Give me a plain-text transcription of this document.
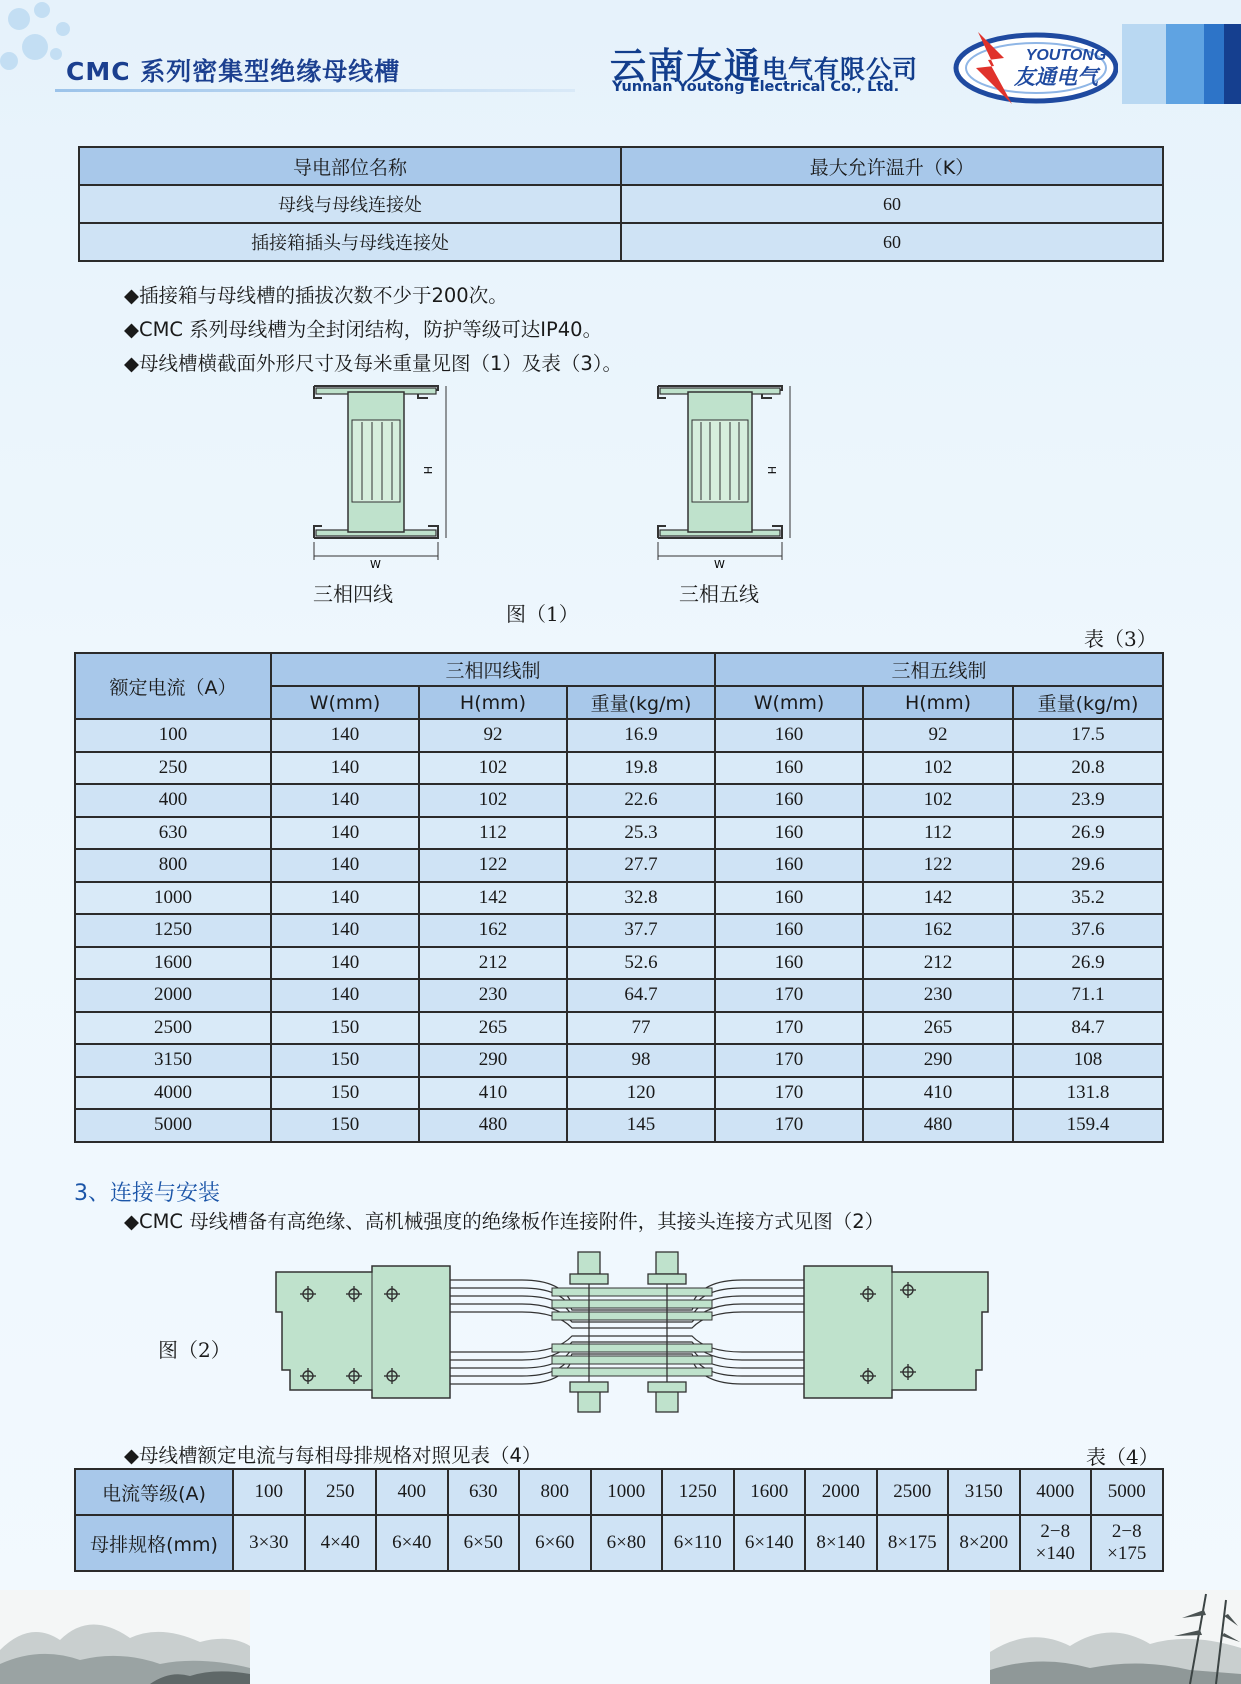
CMC 系列密集型绝缘母线槽	云南友通电气有限公司
Yunnan Youtong Electrical Co., Ltd.
YOUTONG
友通电气
导电部位名称	最大允许温升（K）
母线与母线连接处	60
插接箱插头与母线连接处	60
◆插接箱与母线槽的插拔次数不少于200次。
◆CMC 系列母线槽为全封闭结构，防护等级可达IP40。
◆母线槽横截面外形尺寸及每米重量见图（1）及表（3）。
H
W
三相四线
H
W
三相五线
图（1）
表（3）
额定电流（A）	三相四线制			三相五线制		
	W(mm)	H(mm)	重量(kg/m)	W(mm)	H(mm)	重量(kg/m)
100	140	92	16.9	160	92	17.5
250	140	102	19.8	160	102	20.8
400	140	102	22.6	160	102	23.9
630	140	112	25.3	160	112	26.9
800	140	122	27.7	160	122	29.6
1000	140	142	32.8	160	142	35.2
1250	140	162	37.7	160	162	37.6
1600	140	212	52.6	160	212	26.9
2000	140	230	64.7	170	230	71.1
2500	150	265	77	170	265	84.7
3150	150	290	98	170	290	108
4000	150	410	120	170	410	131.8
5000	150	480	145	170	480	159.4
3、连接与安装
◆CMC 母线槽备有高绝缘、高机械强度的绝缘板作连接附件，其接头连接方式见图（2）
图（2）
◆母线槽额定电流与每相母排规格对照见表（4）	表（4）
电流等级(A)	100	250	400	630	800	1000	1250	1600	2000	2500	3150	4000	5000
母排规格(mm)	3×30	4×40	6×40	6×50	6×60	6×80	6×110	6×140	8×140	8×175	8×200	2−8 ×140	2−8 ×175
